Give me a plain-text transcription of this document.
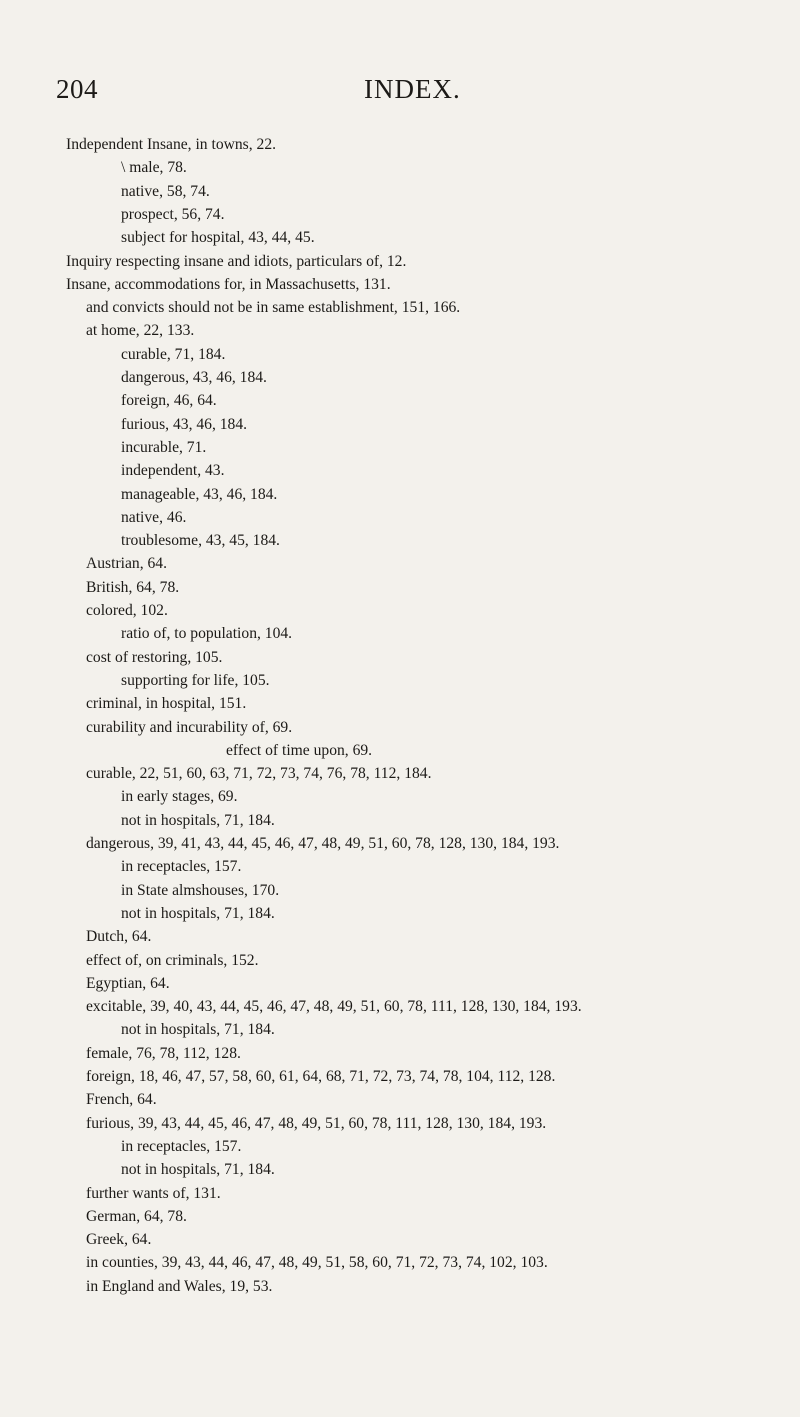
204	INDEX.
Independent Insane, in towns, 22.
\ male, 78.
native, 58, 74.
prospect, 56, 74.
subject for hospital, 43, 44, 45.
Inquiry respecting insane and idiots, particulars of, 12.
Insane, accommodations for, in Massachusetts, 131.
and convicts should not be in same establishment, 151, 166.
at home, 22, 133.
curable, 71, 184.
dangerous, 43, 46, 184.
foreign, 46, 64.
furious, 43, 46, 184.
incurable, 71.
independent, 43.
manageable, 43, 46, 184.
native, 46.
troublesome, 43, 45, 184.
Austrian, 64.
British, 64, 78.
colored, 102.
ratio of, to population, 104.
cost of restoring, 105.
supporting for life, 105.
criminal, in hospital, 151.
curability and incurability of, 69.
effect of time upon, 69.
curable, 22, 51, 60, 63, 71, 72, 73, 74, 76, 78, 112, 184.
in early stages, 69.
not in hospitals, 71, 184.
dangerous, 39, 41, 43, 44, 45, 46, 47, 48, 49, 51, 60, 78, 128, 130, 184, 193.
in receptacles, 157.
in State almshouses, 170.
not in hospitals, 71, 184.
Dutch, 64.
effect of, on criminals, 152.
Egyptian, 64.
excitable, 39, 40, 43, 44, 45, 46, 47, 48, 49, 51, 60, 78, 111, 128, 130, 184, 193.
not in hospitals, 71, 184.
female, 76, 78, 112, 128.
foreign, 18, 46, 47, 57, 58, 60, 61, 64, 68, 71, 72, 73, 74, 78, 104, 112, 128.
French, 64.
furious, 39, 43, 44, 45, 46, 47, 48, 49, 51, 60, 78, 111, 128, 130, 184, 193.
in receptacles, 157.
not in hospitals, 71, 184.
further wants of, 131.
German, 64, 78.
Greek, 64.
in counties, 39, 43, 44, 46, 47, 48, 49, 51, 58, 60, 71, 72, 73, 74, 102, 103.
in England and Wales, 19, 53.
